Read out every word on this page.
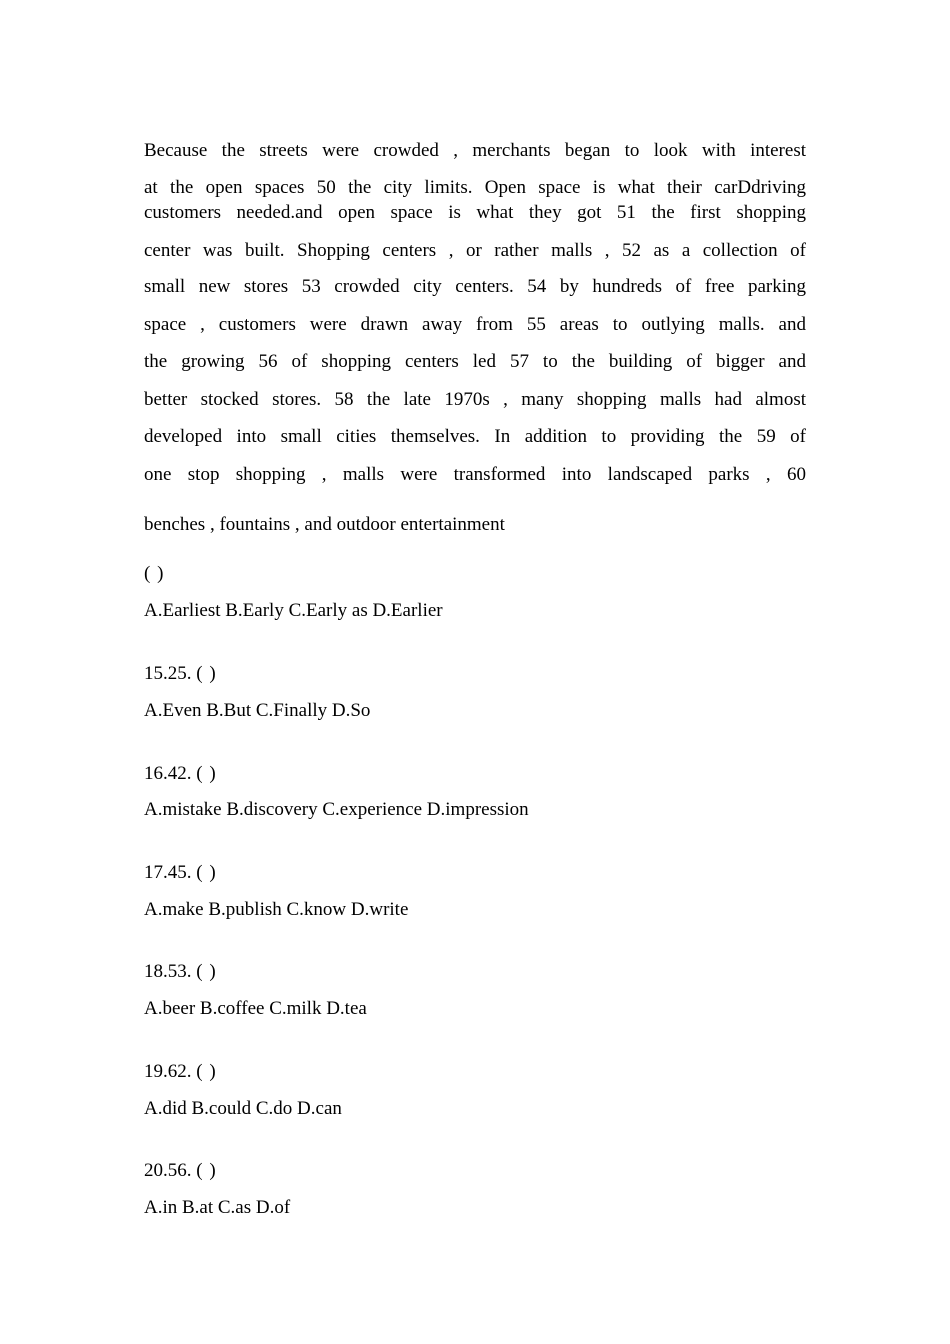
Because the streets were crowded , merchants began to look with interest
at the open spaces 50 the city limits. Open space is what their carDdriving
customers needed.and open space is what they got 51 the first shopping
center was built. Shopping centers , or rather malls , 52 as a collection of
small new stores 53 crowded city centers. 54 by hundreds of free parking
space , customers were drawn away from 55 areas to outlying malls. and
the growing 56 of shopping centers led 57 to the building of bigger and
better stocked stores. 58 the late 1970s , many shopping malls had almost
developed into small cities themselves. In addition to providing the 59 of
one stop shopping , malls were transformed into landscaped parks , 60
benches , fountains , and outdoor entertainment
( )
A.Earliest B.Early C.Early as D.Earlier
15.25. ( )
A.Even B.But C.Finally D.So
16.42. ( )
A.mistake B.discovery C.experience D.impression
17.45. ( )
A.make B.publish C.know D.write
18.53. ( )
A.beer B.coffee C.milk D.tea
19.62. ( )
A.did B.could C.do D.can
20.56. ( )
A.in B.at C.as D.of
